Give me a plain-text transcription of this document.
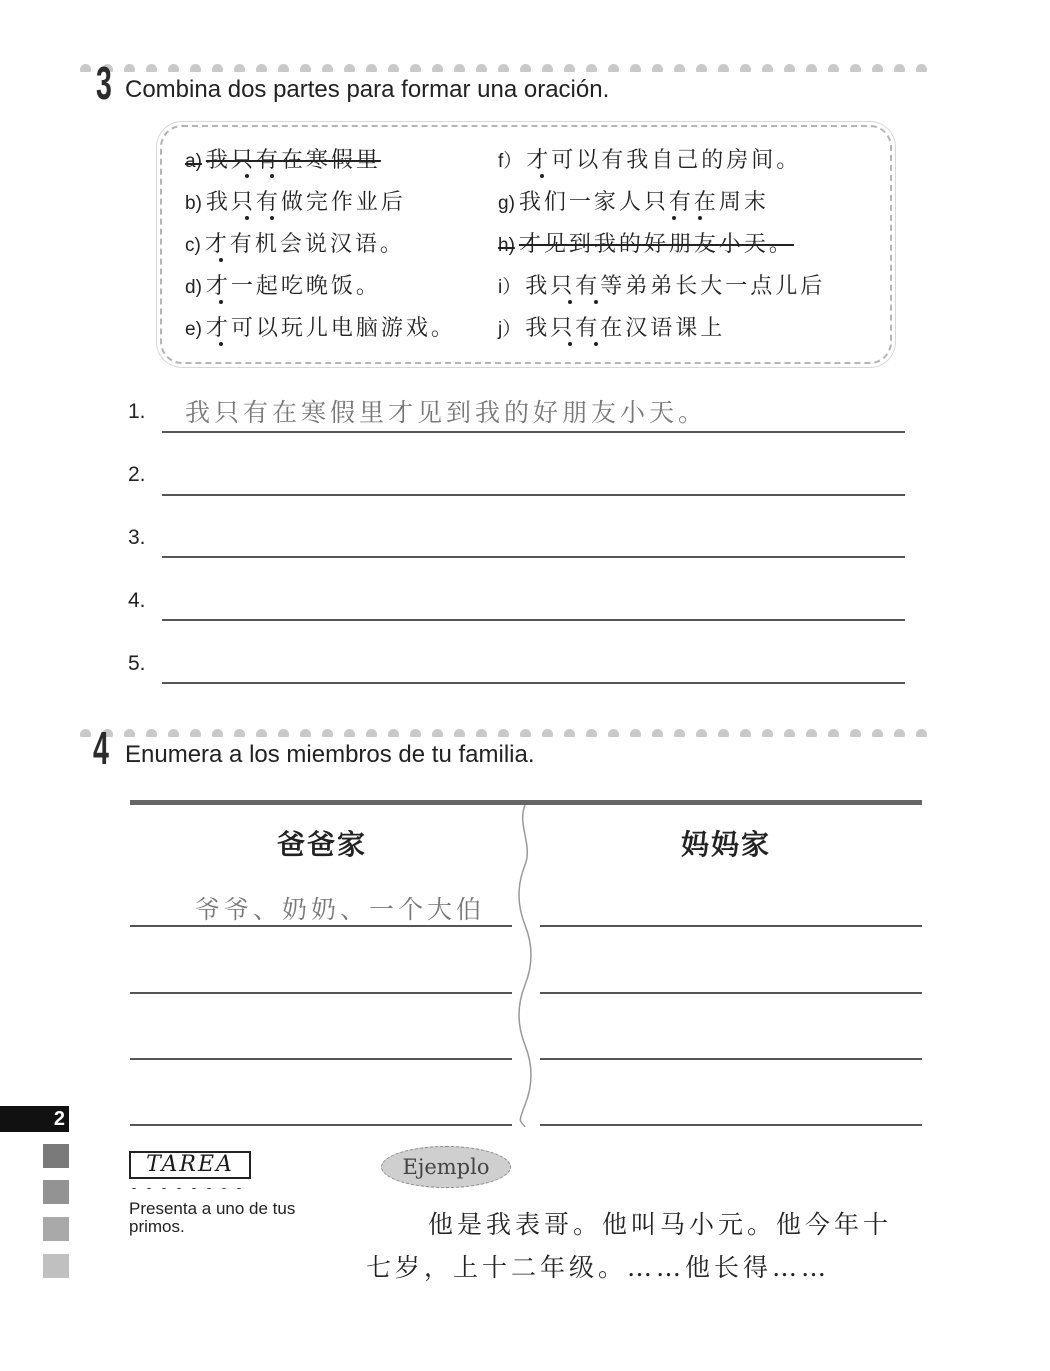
3 Combina dos partes para formar una oración.
a) 我只有在寒假里
b) 我只有做完作业后
c) 才有机会说汉语。
d) 才一起吃晚饭。
e) 才可以玩儿电脑游戏。
f） 才可以有我自己的房间。
g) 我们一家人只有在周末
h) 才见到我的好朋友小天。
i） 我只有等弟弟长大一点儿后
j） 我只有在汉语课上
1. 我只有在寒假里才见到我的好朋友小天。
2.
3.
4.
5.
4 Enumera a los miembros de tu familia.
爸爸家	妈妈家
爷爷、奶奶、一个大伯
2
TAREA
Presenta a uno de tus primos.
Ejemplo
他是我表哥。他叫马小元。他今年十
七岁，上十二年级。……他长得……
